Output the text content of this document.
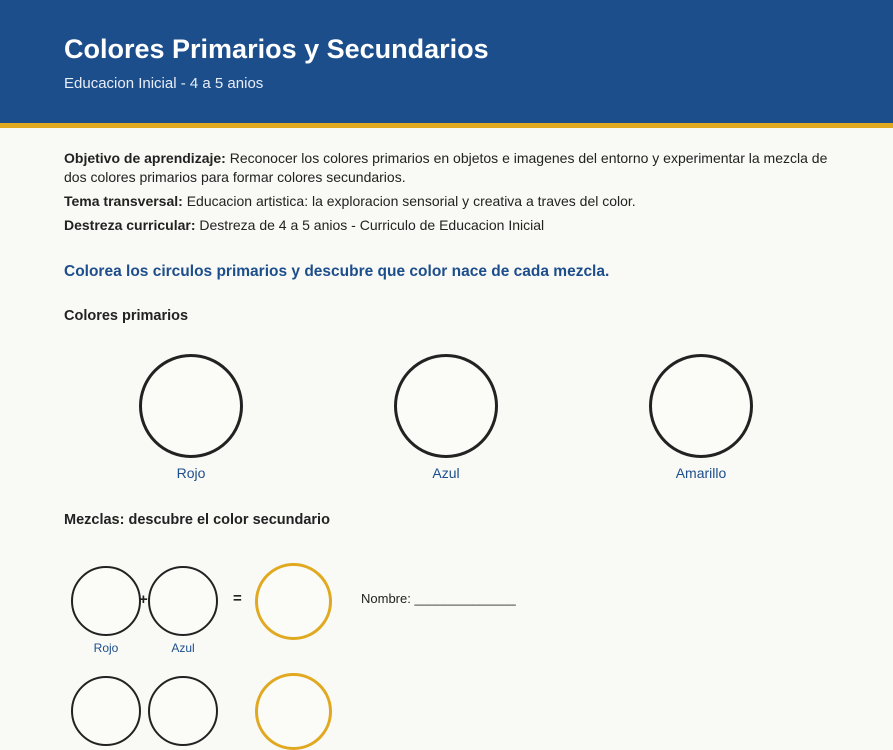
Colores Primarios y Secundarios
Educacion Inicial - 4 a 5 anios
Objetivo de aprendizaje: Reconocer los colores primarios en objetos e imagenes del entorno y experimentar la mezcla de dos colores primarios para formar colores secundarios.
Tema transversal: Educacion artistica: la exploracion sensorial y creativa a traves del color.
Destreza curricular: Destreza de 4 a 5 anios - Curriculo de Educacion Inicial
Colorea los circulos primarios y descubre que color nace de cada mezcla.
Colores primarios
Rojo	Azul	Amarillo
Mezclas: descubre el color secundario
+	=	Nombre: ______________
Rojo	Azul
